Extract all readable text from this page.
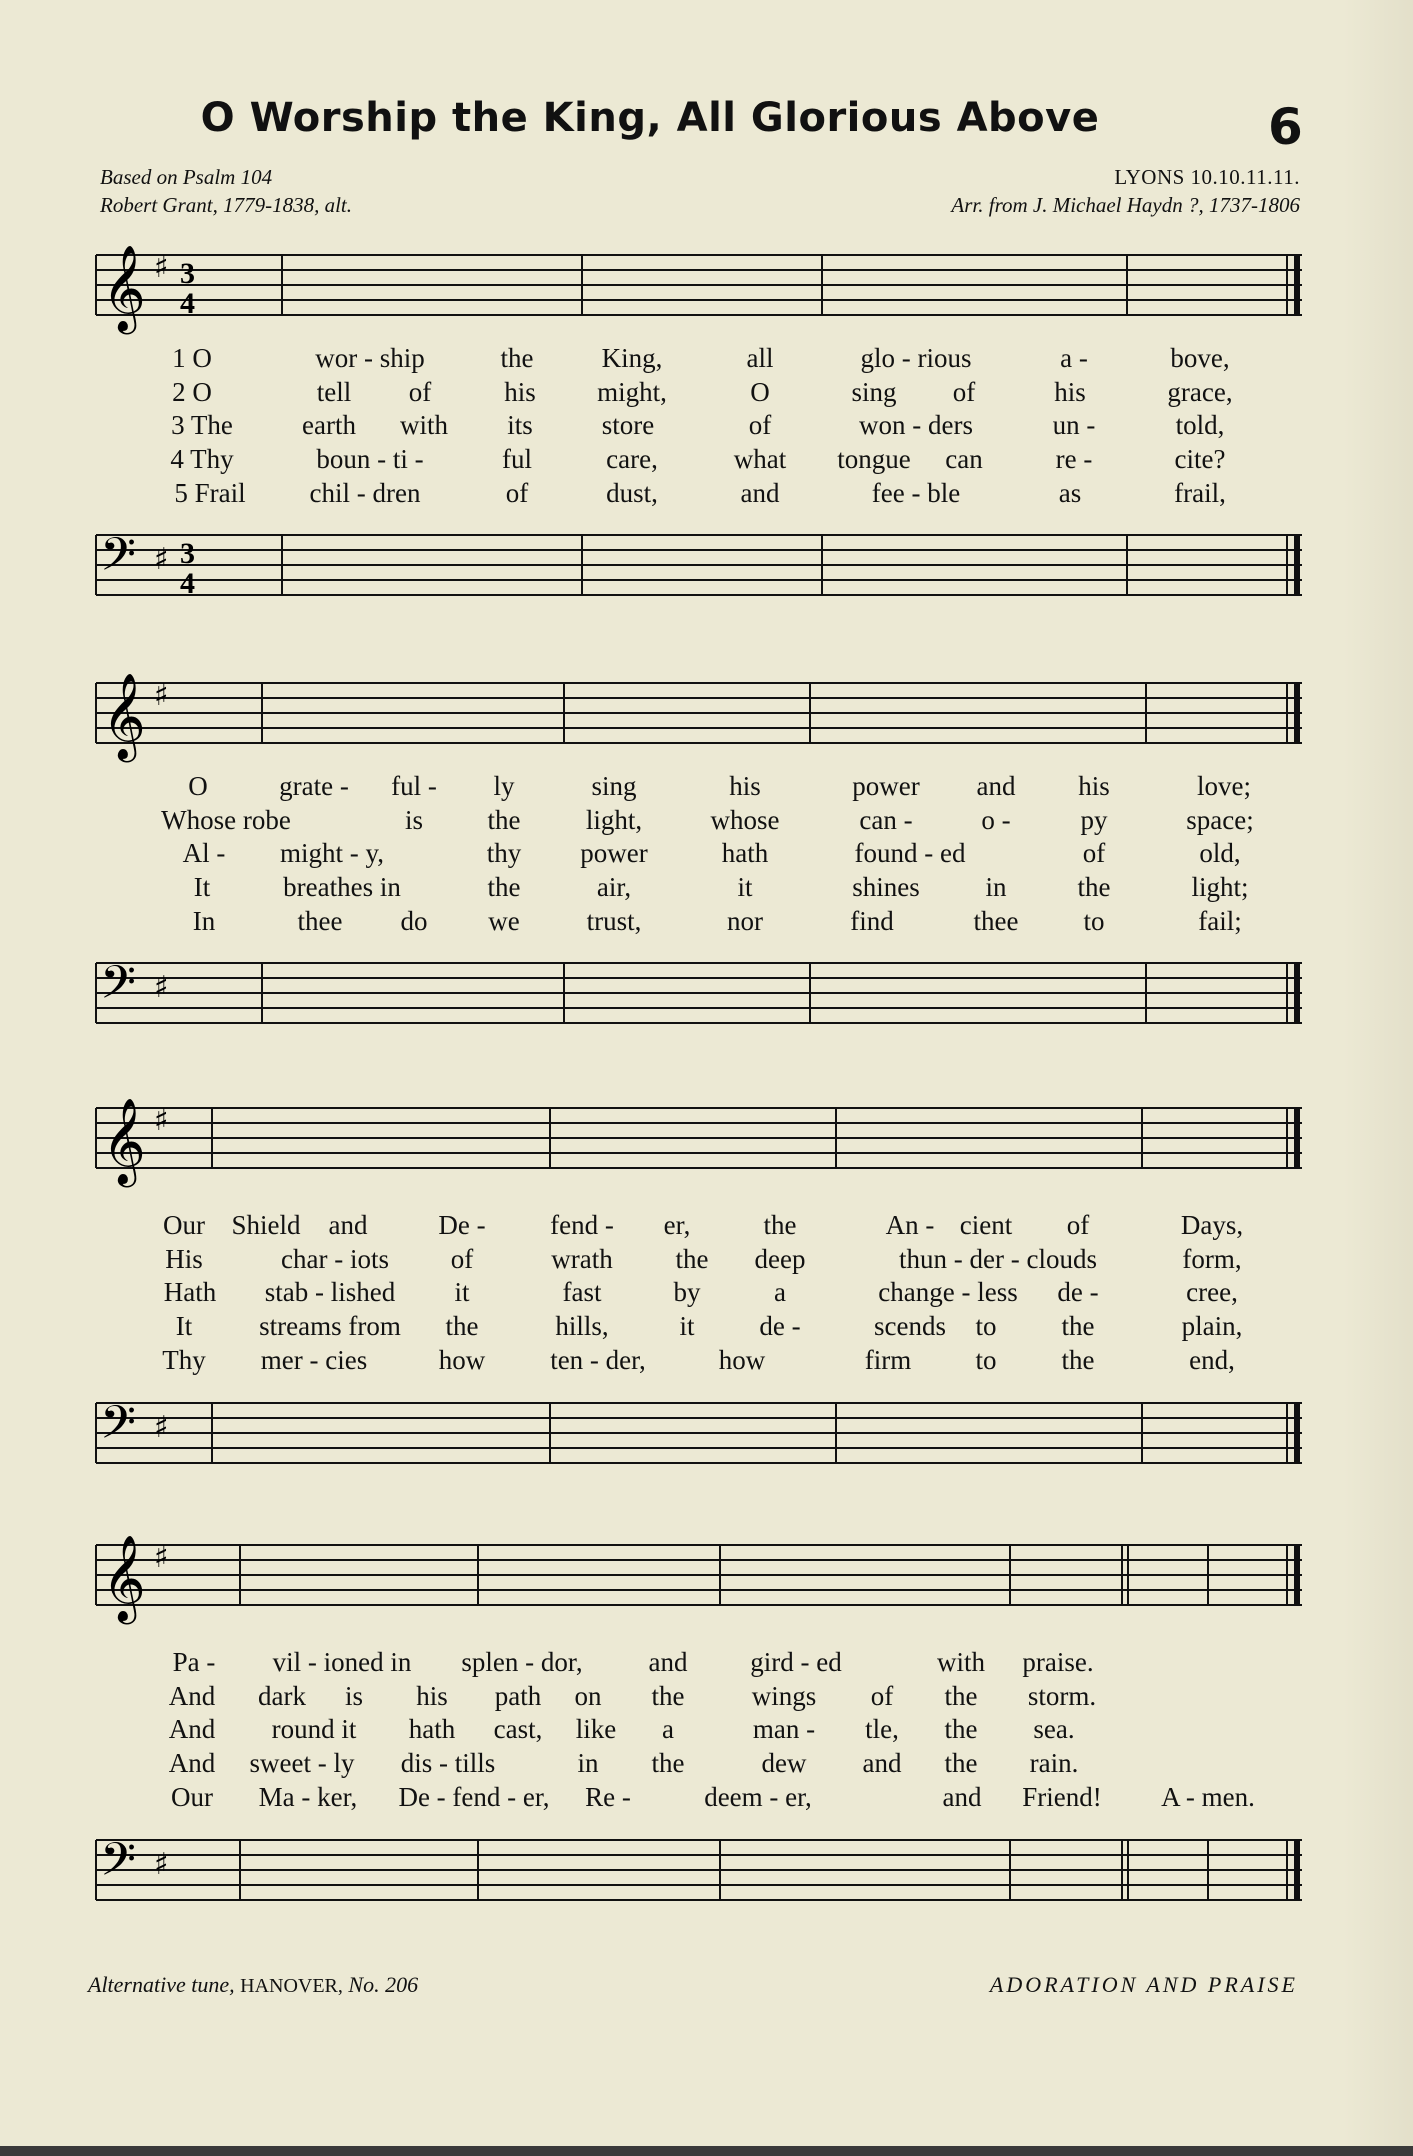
O Worship the King, All Glorious Above	6
Based on Psalm 104
Robert Grant, 1779-1838, alt.
LYONS 10.10.11.11.
Arr. from J. Michael Haydn ?, 1737-1806
𝄞 ♯ 3
4
1 O	wor - ship	the	King,	all	glo - rious	a -	bove,
2 O	tell of	his might,	O	sing of	his	grace,
3 The	earth with its	store	of	won - ders	un -	told,
4 Thy	boun - ti -	ful	care,	what tongue can	re -	cite?
5 Frail chil - dren	of	dust,	and	fee - ble	as	frail,
𝄢 ♯ 3
4
𝄞 ♯
O	grate - ful - ly	sing	his	power and his	love;
Whose robe	is the light,	whose	can -	o -	py	space;
Al - might - y,	thy power	hath	found - ed	of	old,
It	breathes in	the	air,	it	shines in	the	light;
In	thee do we trust,	nor	find	thee to	fail;
𝄢 ♯
𝄞 ♯
Our Shield and	De - fend - er,	the	An - cient of	Days,
His	char - iots of	wrath the deep	thun - der - clouds	form,
Hath stab - lished it	fast	by	a	change - less de -	cree,
It streams from the	hills,	it de -	scends to the	plain,
Thy mer - cies	how ten - der,	how	firm to the	end,
𝄢 ♯
𝄞 ♯
Pa - vil - ioned in splen - dor, and gird - ed	with praise.
And dark is his path on the wings of the storm.
And round it hath cast, like a	man - tle, the sea.
And sweet - ly dis - tills	in the	dew and the rain.
Our Ma - ker, De - fend - er, Re -	deem - er,	and Friend! A - men.
𝄢 ♯
Alternative tune, HANOVER, No. 206	ADORATION AND PRAISE
